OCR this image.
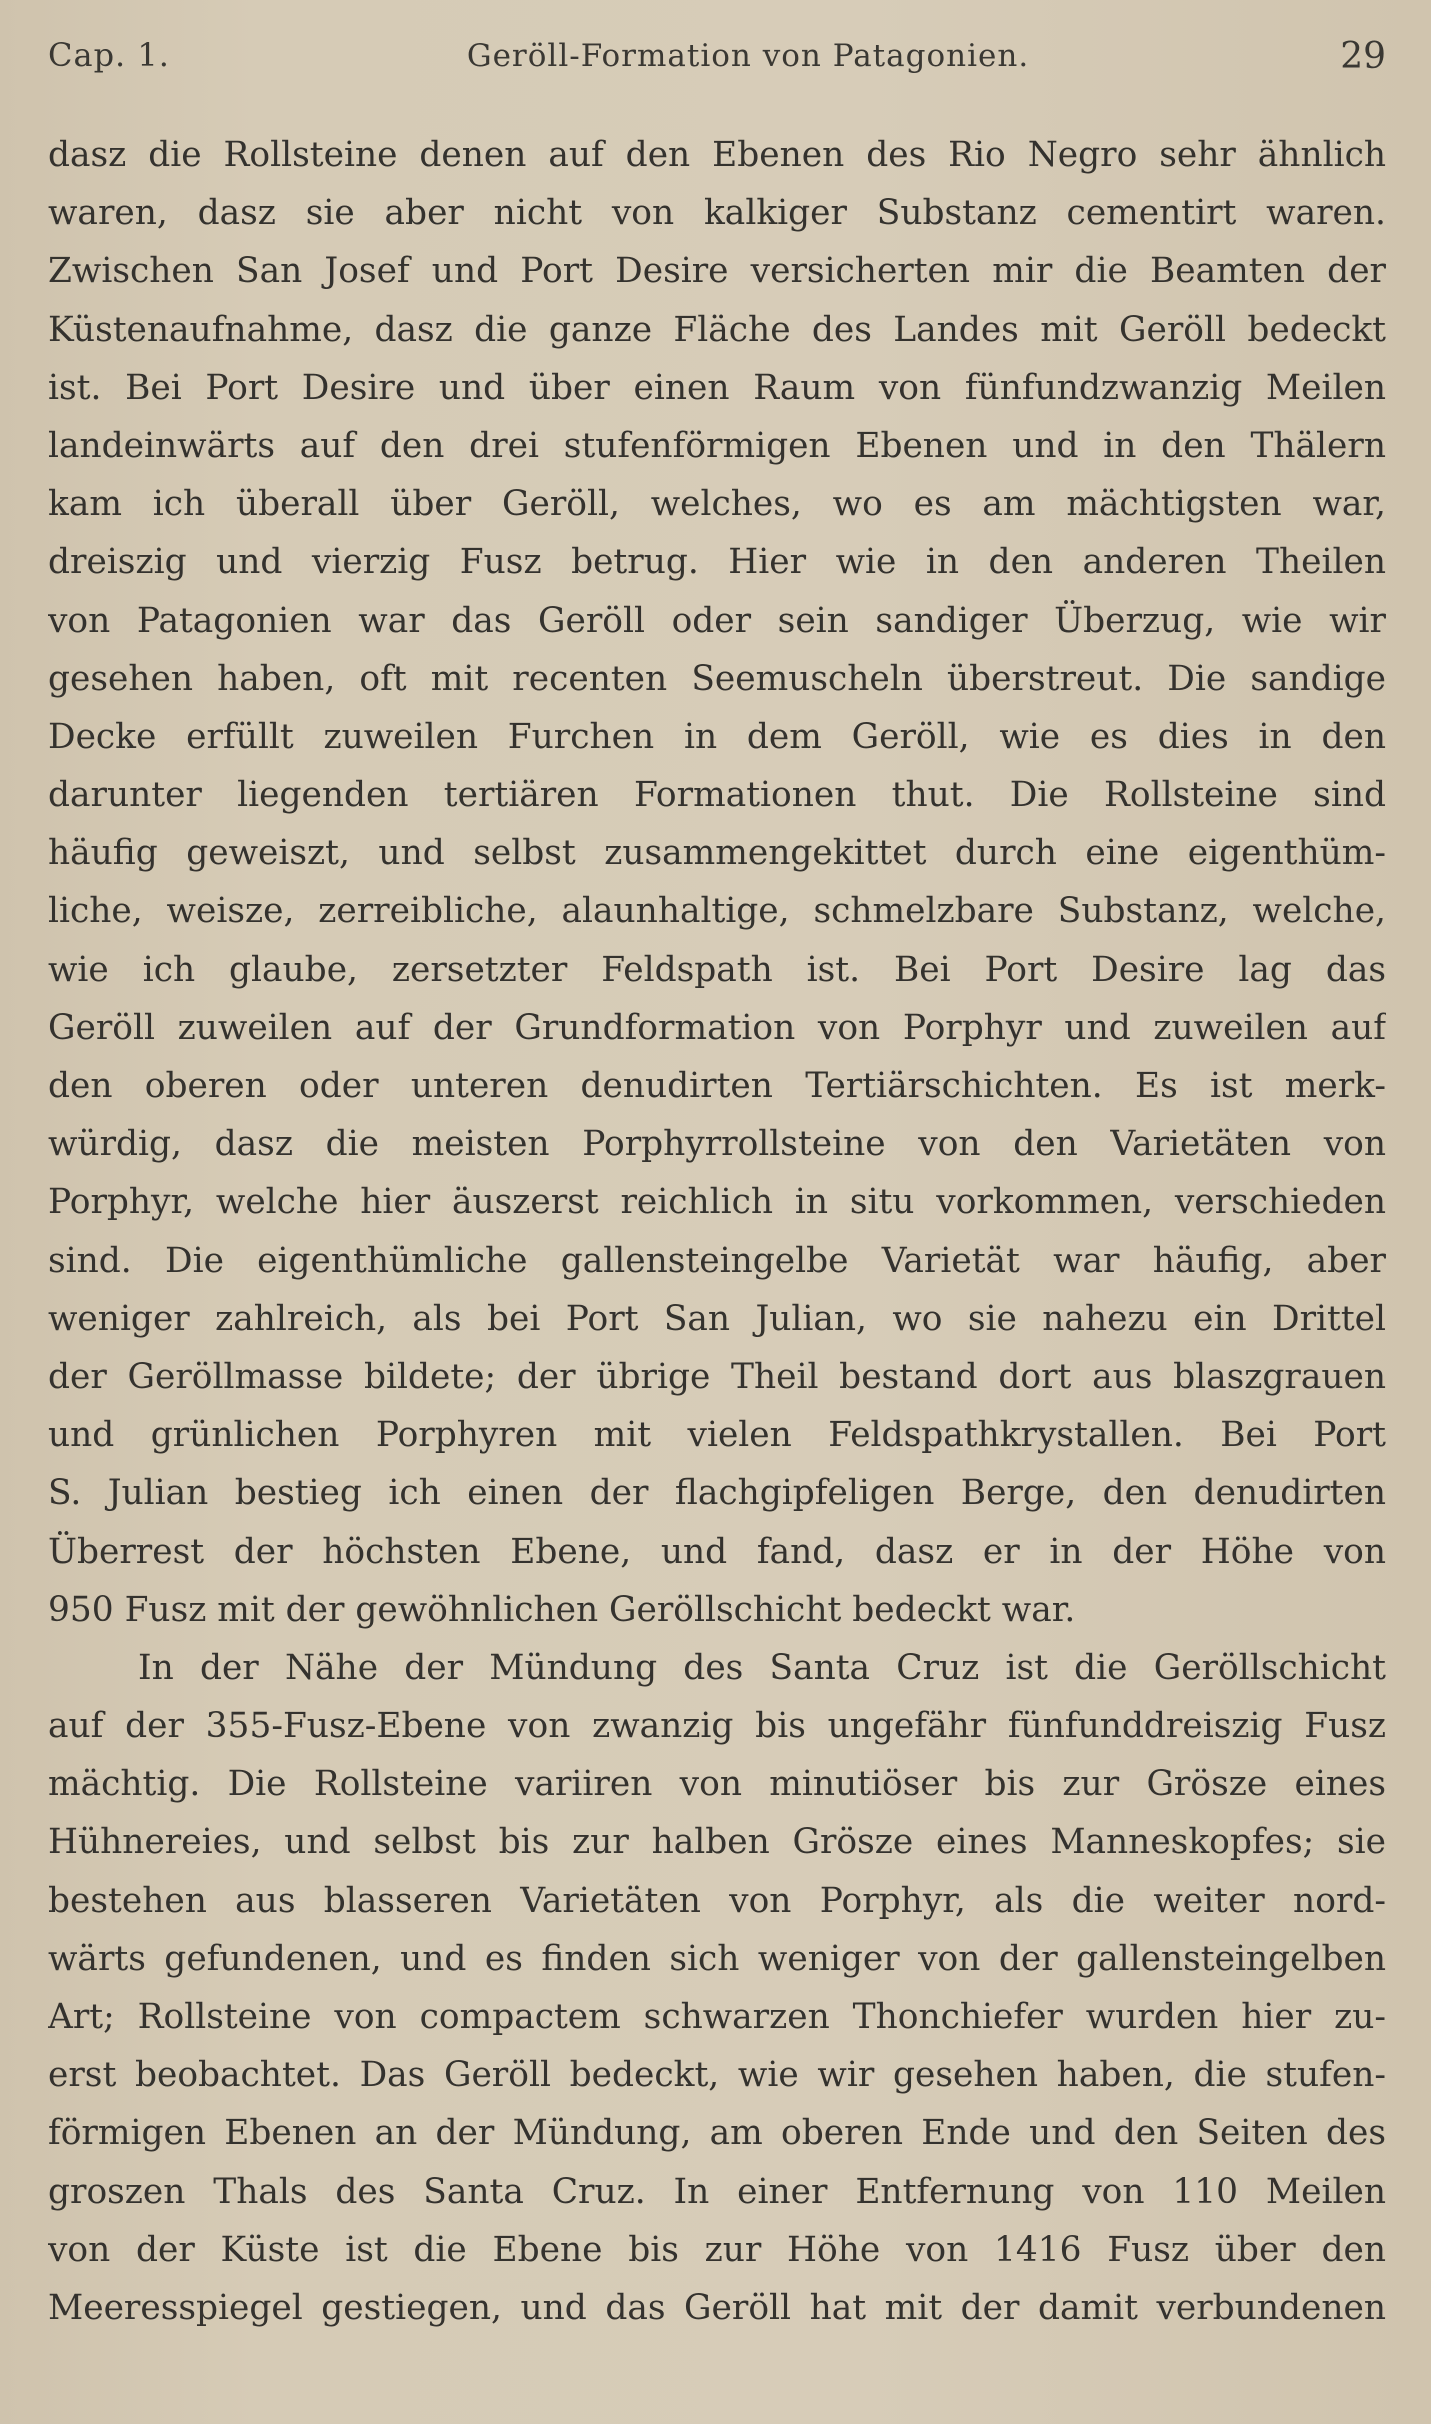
Cap. 1.	Geröll-Formation von Patagonien.	29
dasz die Rollsteine denen auf den Ebenen des Rio Negro sehr ähnlich
waren, dasz sie aber nicht von kalkiger Substanz cementirt waren.
Zwischen San Josef und Port Desire versicherten mir die Beamten der
Küstenaufnahme, dasz die ganze Fläche des Landes mit Geröll bedeckt
ist. Bei Port Desire und über einen Raum von fünfundzwanzig Meilen
landeinwärts auf den drei stufenförmigen Ebenen und in den Thälern
kam ich überall über Geröll, welches, wo es am mächtigsten war,
dreiszig und vierzig Fusz betrug. Hier wie in den anderen Theilen
von Patagonien war das Geröll oder sein sandiger Überzug, wie wir
gesehen haben, oft mit recenten Seemuscheln überstreut. Die sandige
Decke erfüllt zuweilen Furchen in dem Geröll, wie es dies in den
darunter liegenden tertiären Formationen thut. Die Rollsteine sind
häufig geweiszt, und selbst zusammengekittet durch eine eigenthüm-
liche, weisze, zerreibliche, alaunhaltige, schmelzbare Substanz, welche,
wie ich glaube, zersetzter Feldspath ist. Bei Port Desire lag das
Geröll zuweilen auf der Grundformation von Porphyr und zuweilen auf
den oberen oder unteren denudirten Tertiärschichten. Es ist merk-
würdig, dasz die meisten Porphyrrollsteine von den Varietäten von
Porphyr, welche hier äuszerst reichlich in situ vorkommen, verschieden
sind. Die eigenthümliche gallensteingelbe Varietät war häufig, aber
weniger zahlreich, als bei Port San Julian, wo sie nahezu ein Drittel
der Geröllmasse bildete; der übrige Theil bestand dort aus blaszgrauen
und grünlichen Porphyren mit vielen Feldspathkrystallen. Bei Port
S. Julian bestieg ich einen der flachgipfeligen Berge, den denudirten
Überrest der höchsten Ebene, und fand, dasz er in der Höhe von
950 Fusz mit der gewöhnlichen Geröllschicht bedeckt war.
In der Nähe der Mündung des Santa Cruz ist die Geröllschicht
auf der 355-Fusz-Ebene von zwanzig bis ungefähr fünfunddreiszig Fusz
mächtig. Die Rollsteine variiren von minutiöser bis zur Grösze eines
Hühnereies, und selbst bis zur halben Grösze eines Manneskopfes; sie
bestehen aus blasseren Varietäten von Porphyr, als die weiter nord-
wärts gefundenen, und es finden sich weniger von der gallensteingelben
Art; Rollsteine von compactem schwarzen Thonchiefer wurden hier zu-
erst beobachtet. Das Geröll bedeckt, wie wir gesehen haben, die stufen-
förmigen Ebenen an der Mündung, am oberen Ende und den Seiten des
groszen Thals des Santa Cruz. In einer Entfernung von 110 Meilen
von der Küste ist die Ebene bis zur Höhe von 1416 Fusz über den
Meeresspiegel gestiegen, und das Geröll hat mit der damit verbundenen
